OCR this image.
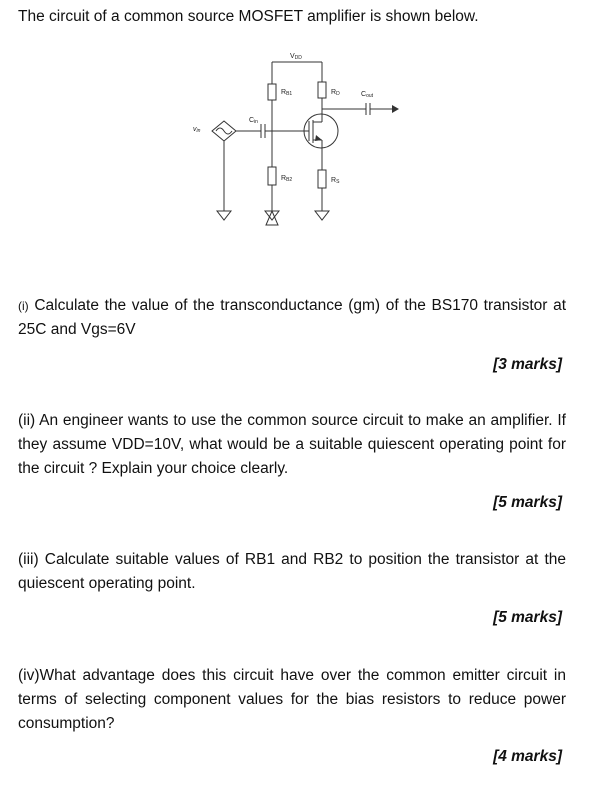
The circuit of a common source MOSFET amplifier is shown below.
VDD
RB1	RD	Cout
Cin
vin
RB2	RS
(i) Calculate the value of the transconductance (gm) of the BS170 transistor at 25C and Vgs=6V
[3 marks]
(ii) An engineer wants to use the common source circuit to make an amplifier. If they assume VDD=10V, what would be a suitable quiescent operating point for the circuit ? Explain your choice clearly.
[5 marks]
(iii) Calculate suitable values of RB1 and RB2 to position the transistor at the quiescent operating point.
[5 marks]
(iv)What advantage does this circuit have over the common emitter circuit in terms of selecting component values for the bias resistors to reduce power consumption?
[4 marks]
